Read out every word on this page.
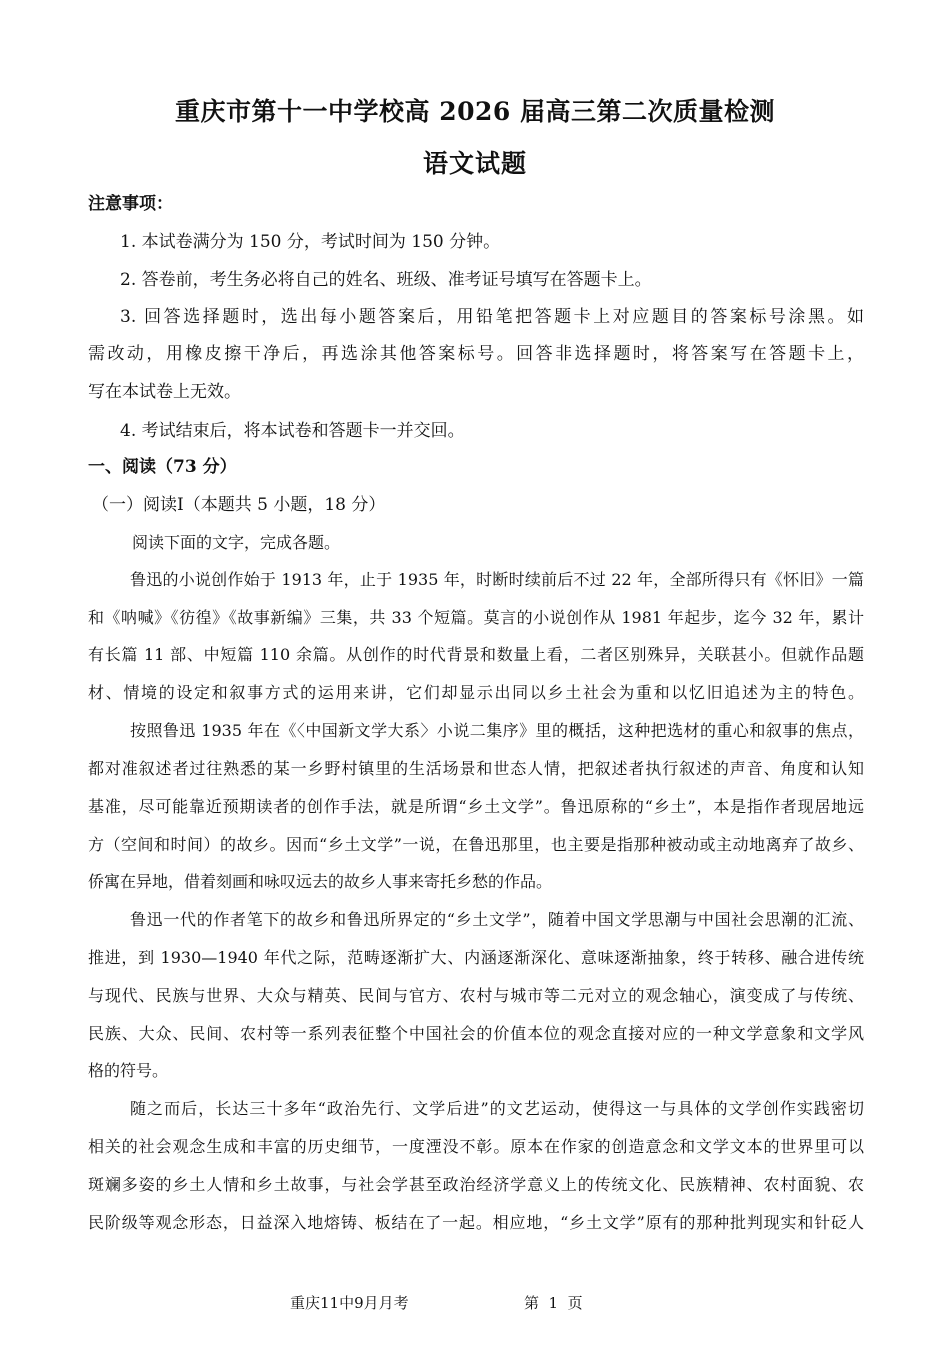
重庆市第十一中学校高 2026 届高三第二次质量检测
语文试题

注意事项：

1. 本试卷满分为 150 分，考试时间为 150 分钟。

2. 答卷前，考生务必将自己的姓名、班级、准考证号填写在答题卡上。

3. 回答选择题时，选出每小题答案后，用铅笔把答题卡上对应题目的答案标号涂黑。如

需改动，用橡皮擦干净后，再选涂其他答案标号。回答非选择题时，将答案写在答题卡上，

写在本试卷上无效。

4. 考试结束后，将本试卷和答题卡一并交回。

一、阅读（73 分）

（一）阅读Ⅰ（本题共 5 小题，18 分）

阅读下面的文字，完成各题。

鲁迅的小说创作始于 1913 年，止于 1935 年，时断时续前后不过 22 年，全部所得只有《怀旧》一篇

和《呐喊》《彷徨》《故事新编》三集，共 33 个短篇。莫言的小说创作从 1981 年起步，迄今 32 年，累计

有长篇 11 部、中短篇 110 余篇。从创作的时代背景和数量上看，二者区别殊异，关联甚小。但就作品题

材、情境的设定和叙事方式的运用来讲，它们却显示出同以乡土社会为重和以忆旧追述为主的特色。

按照鲁迅 1935 年在《〈中国新文学大系〉小说二集序》里的概括，这种把选材的重心和叙事的焦点，

都对准叙述者过往熟悉的某一乡野村镇里的生活场景和世态人情，把叙述者执行叙述的声音、角度和认知

基准，尽可能靠近预期读者的创作手法，就是所谓“乡土文学”。鲁迅原称的“乡土”，本是指作者现居地远

方（空间和时间）的故乡。因而“乡土文学”一说，在鲁迅那里，也主要是指那种被动或主动地离弃了故乡、

侨寓在异地，借着刻画和咏叹远去的故乡人事来寄托乡愁的作品。

鲁迅一代的作者笔下的故乡和鲁迅所界定的“乡土文学”，随着中国文学思潮与中国社会思潮的汇流、

推进，到 1930—1940 年代之际，范畴逐渐扩大、内涵逐渐深化、意味逐渐抽象，终于转移、融合进传统

与现代、民族与世界、大众与精英、民间与官方、农村与城市等二元对立的观念轴心，演变成了与传统、

民族、大众、民间、农村等一系列表征整个中国社会的价值本位的观念直接对应的一种文学意象和文学风

格的符号。

随之而后，长达三十多年“政治先行、文学后进”的文艺运动，使得这一与具体的文学创作实践密切

相关的社会观念生成和丰富的历史细节，一度湮没不彰。原本在作家的创造意念和文学文本的世界里可以

斑斓多姿的乡土人情和乡土故事，与社会学甚至政治经济学意义上的传统文化、民族精神、农村面貌、农

民阶级等观念形态，日益深入地熔铸、板结在了一起。相应地，“乡土文学”原有的那种批判现实和针砭人

重庆11中9月月考	第  1  页
